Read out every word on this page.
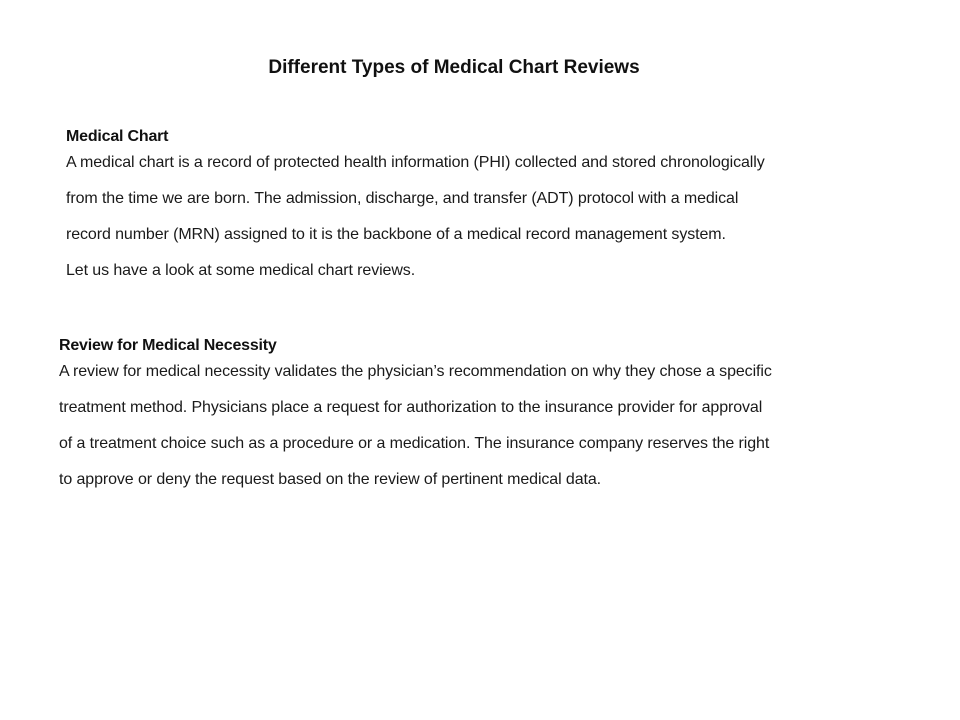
Different Types of Medical Chart Reviews
Medical Chart

A medical chart is a record of protected health information (PHI) collected and stored chronologically
from the time we are born. The admission, discharge, and transfer (ADT) protocol with a medical
record number (MRN) assigned to it is the backbone of a medical record management system.
Let us have a look at some medical chart reviews.

Review for Medical Necessity

A review for medical necessity validates the physician’s recommendation on why they chose a specific
treatment method. Physicians place a request for authorization to the insurance provider for approval
of a treatment choice such as a procedure or a medication. The insurance company reserves the right
to approve or deny the request based on the review of pertinent medical data.
